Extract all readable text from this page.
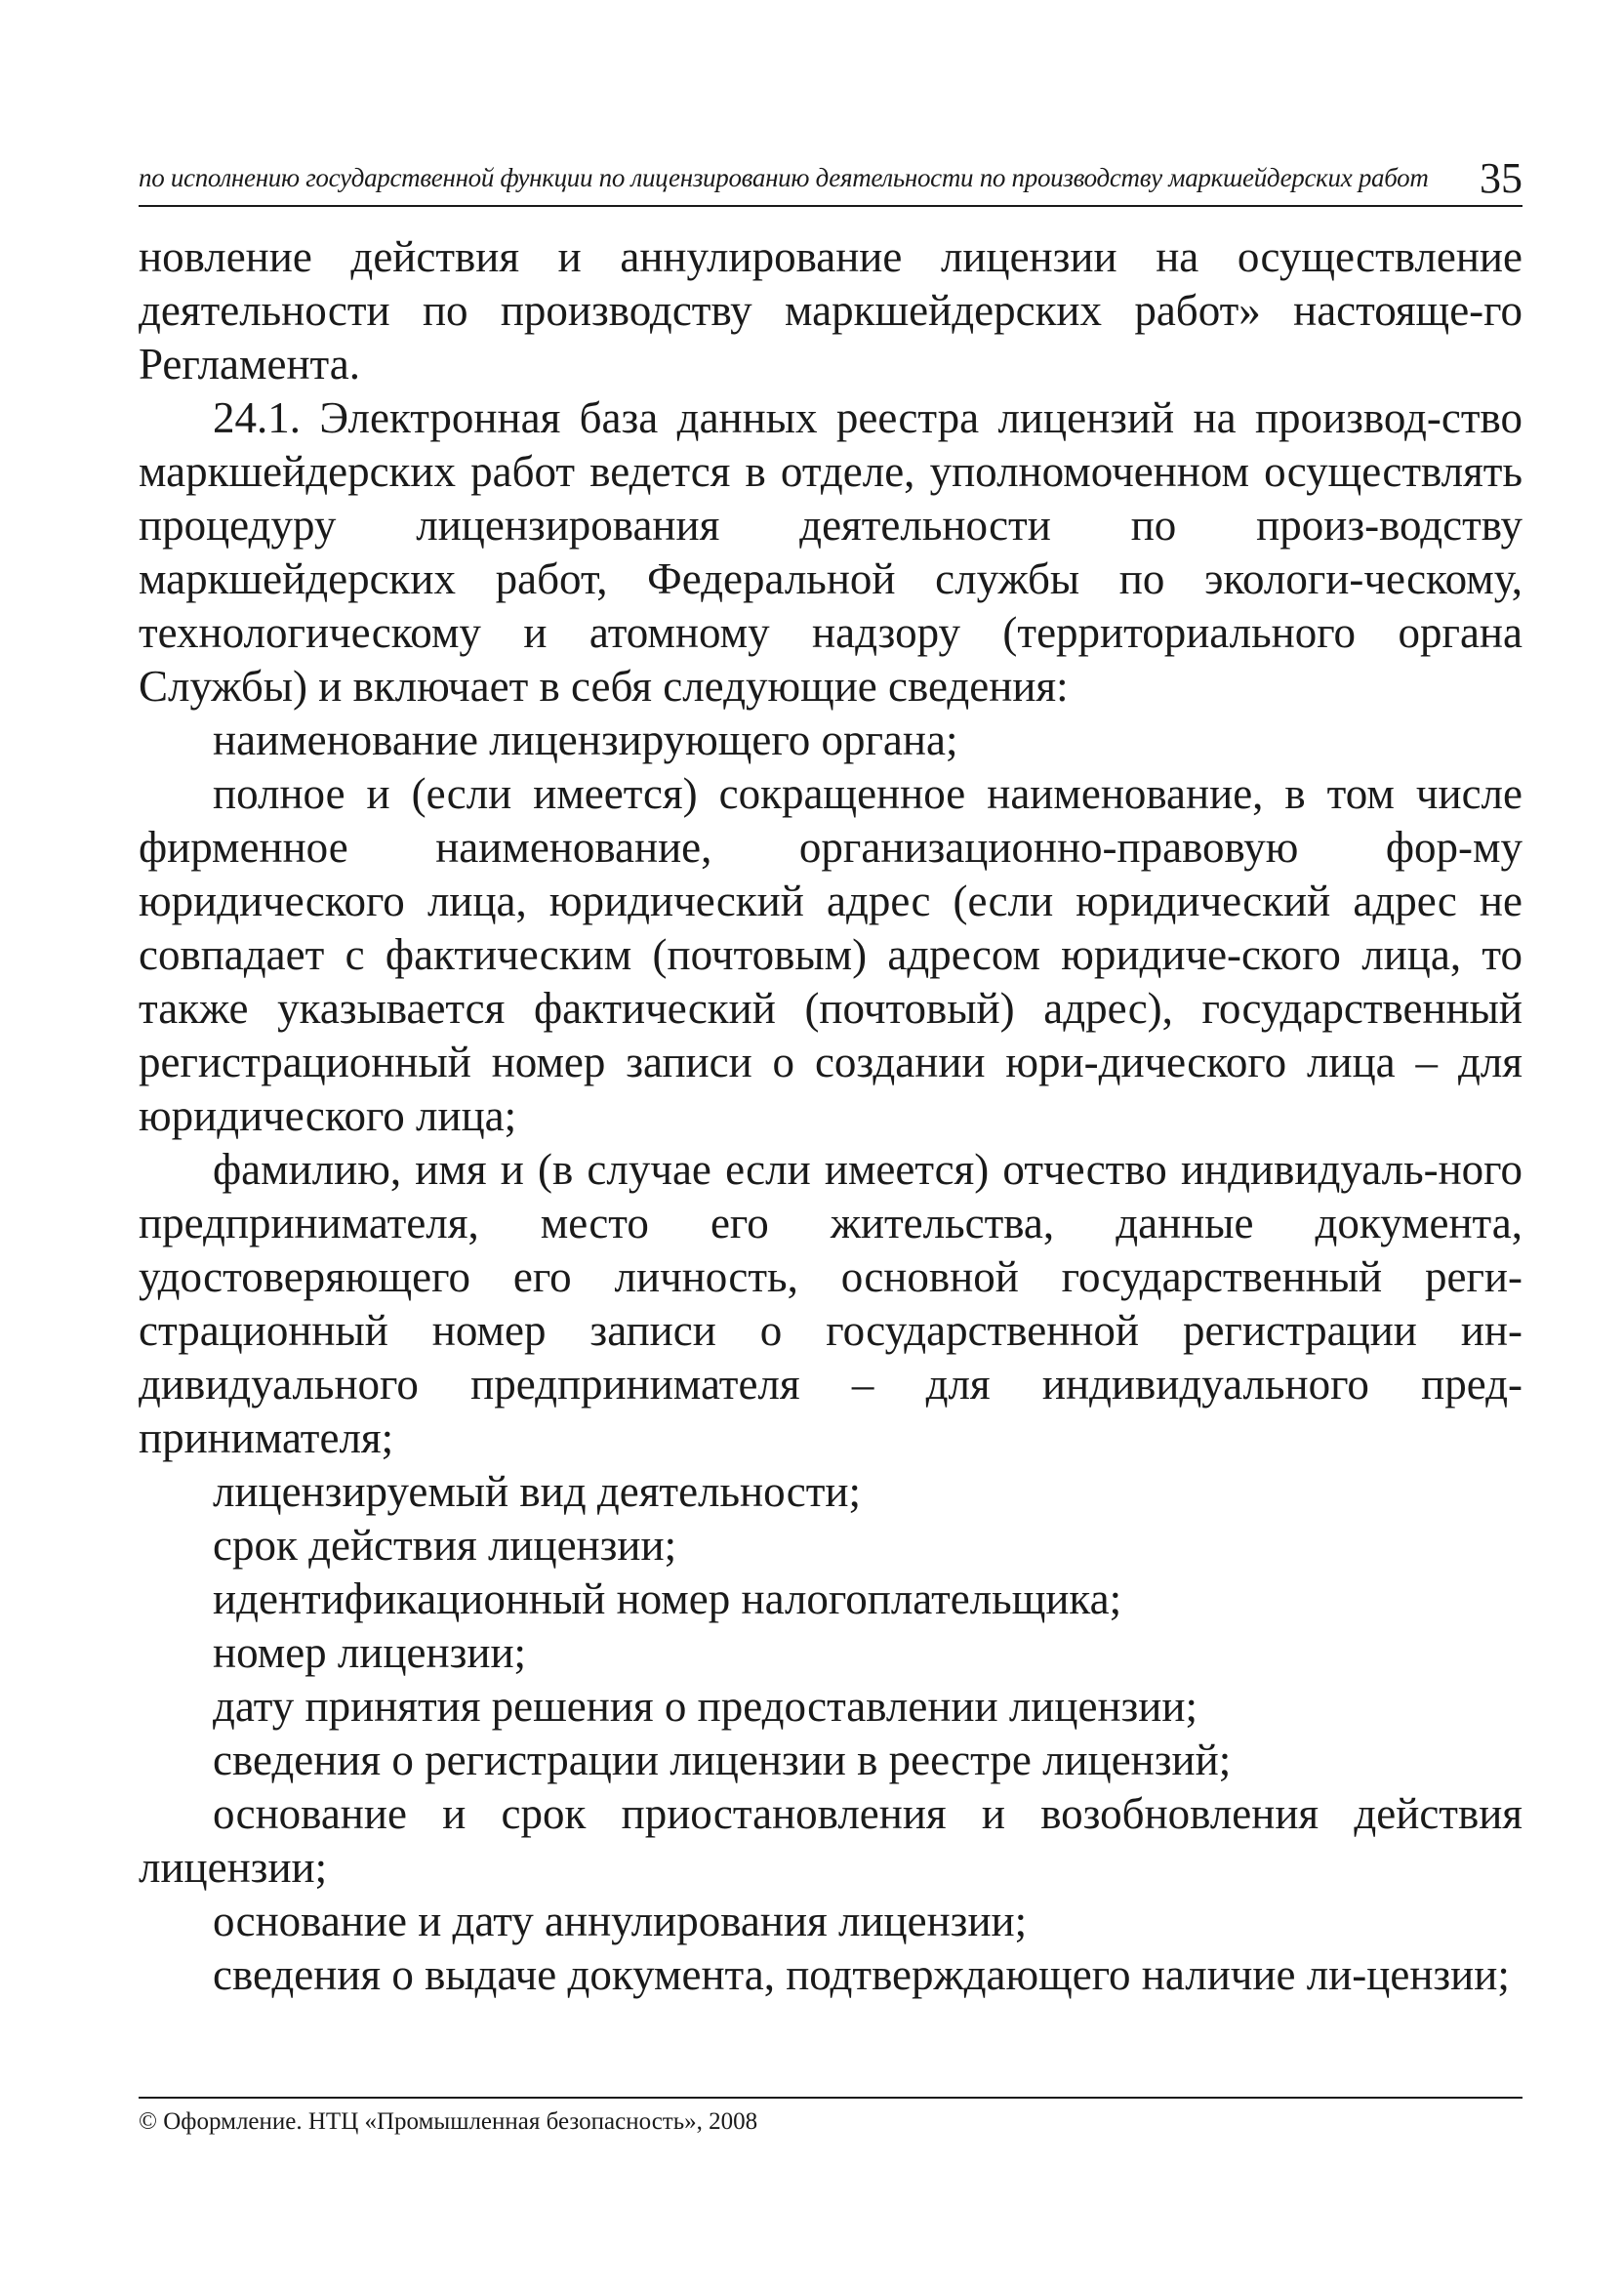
по исполнению государственной функции по лицензированию деятельности по производству маркшейдерских работ 35

новление действия и аннулирование лицензии на осуществление деятельности по производству маркшейдерских работ» настояще-го Регламента.

24.1. Электронная база данных реестра лицензий на производ-ство маркшейдерских работ ведется в отделе, уполномоченном осуществлять процедуру лицензирования деятельности по произ-водству маркшейдерских работ, Федеральной службы по экологи-ческому, технологическому и атомному надзору (территориального органа Службы) и включает в себя следующие сведения:

наименование лицензирующего органа;

полное и (если имеется) сокращенное наименование, в том числе фирменное наименование, организационно-правовую фор-му юридического лица, юридический адрес (если юридический адрес не совпадает с фактическим (почтовым) адресом юридиче-ского лица, то также указывается фактический (почтовый) адрес), государственный регистрационный номер записи о создании юри-дического лица – для юридического лица;

фамилию, имя и (в случае если имеется) отчество индивидуаль-ного предпринимателя, место его жительства, данные документа, удостоверяющего его личность, основной государственный реги-страционный номер записи о государственной регистрации ин-дивидуального предпринимателя – для индивидуального пред-принимателя;

лицензируемый вид деятельности;

срок действия лицензии;

идентификационный номер налогоплательщика;

номер лицензии;

дату принятия решения о предоставлении лицензии;

сведения о регистрации лицензии в реестре лицензий;

основание и срок приостановления и возобновления действия лицензии;

основание и дату аннулирования лицензии;

сведения о выдаче документа, подтверждающего наличие ли-цензии;

© Оформление. НТЦ «Промышленная безопасность», 2008
